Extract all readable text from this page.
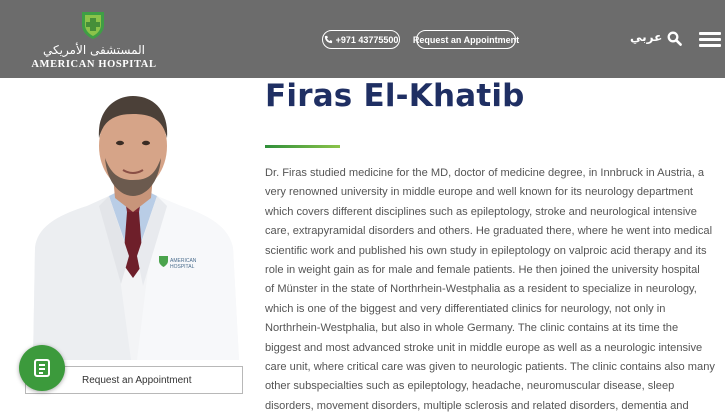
المستشفى الأمريكي
AMERICAN HOSPITAL
+971 43775500 Request an Appointment	عربي
AMERICAN
HOSPITAL
Request an Appointment
Firas El-Khatib
Dr. Firas studied medicine for the MD, doctor of medicine degree, in Innbruck in Austria, a
very renowned university in middle europe and well known for its neurology department
which covers different disciplines such as epileptology, stroke and neurological intensive
care, extrapyramidal disorders and others. He graduated there, where he went into medical
scientific work and published his own study in epileptology on valproic acid therapy and its
role in weight gain as for male and female patients. He then joined the university hospital
of Münster in the state of Northrhein-Westphalia as a resident to specialize in neurology,
which is one of the biggest and very differentiated clinics for neurology, not only in
Northrhein-Westphalia, but also in whole Germany. The clinic contains at its time the
biggest and most advanced stroke unit in middle europe as well as a neurologic intensive
care unit, where critical care was given to neurologic patients. The clinic contains also many
other subspecialties such as epileptology, headache, neuromuscular disease, sleep
disorders, movement disorders, multiple sclerosis and related disorders, dementia and
